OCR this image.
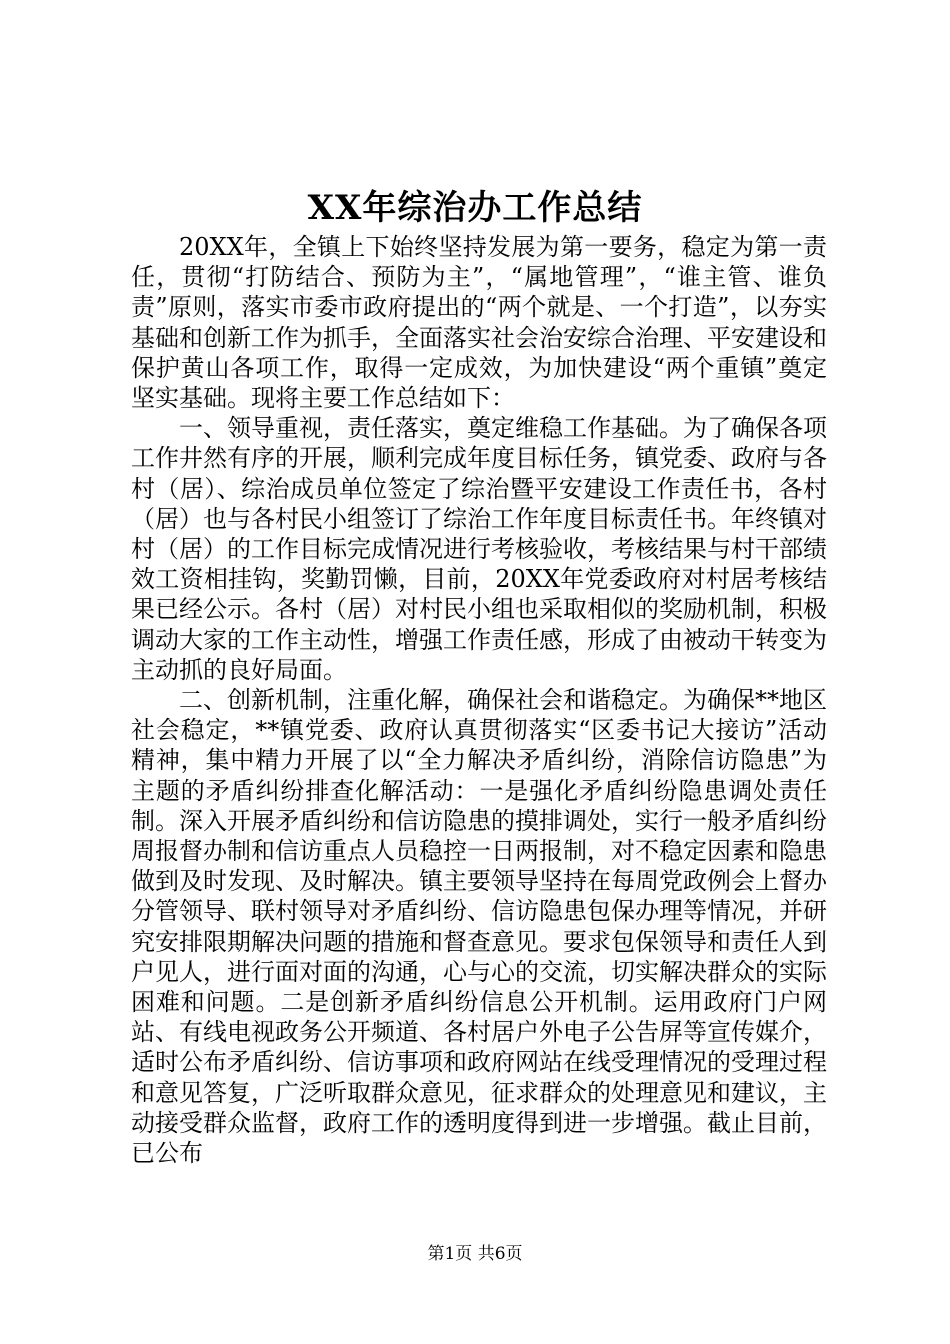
XX年综治办工作总结

20XX年，全镇上下始终坚持发展为第一要务，稳定为第一责任，贯彻“打防结合、预防为主”，“属地管理”，“谁主管、谁负责”原则，落实市委市政府提出的“两个就是、一个打造”，以夯实基础和创新工作为抓手，全面落实社会治安综合治理、平安建设和保护黄山各项工作，取得一定成效，为加快建设“两个重镇”奠定坚实基础。现将主要工作总结如下：

一、领导重视，责任落实，奠定维稳工作基础。为了确保各项工作井然有序的开展，顺利完成年度目标任务，镇党委、政府与各村（居）、综治成员单位签定了综治暨平安建设工作责任书，各村（居）也与各村民小组签订了综治工作年度目标责任书。年终镇对村（居）的工作目标完成情况进行考核验收，考核结果与村干部绩效工资相挂钩，奖勤罚懒，目前，20XX年党委政府对村居考核结果已经公示。各村（居）对村民小组也采取相似的奖励机制，积极调动大家的工作主动性，增强工作责任感，形成了由被动干转变为主动抓的良好局面。

二、创新机制，注重化解，确保社会和谐稳定。为确保**地区社会稳定，**镇党委、政府认真贯彻落实“区委书记大接访”活动精神，集中精力开展了以“全力解决矛盾纠纷，消除信访隐患”为主题的矛盾纠纷排查化解活动：一是强化矛盾纠纷隐患调处责任制。深入开展矛盾纠纷和信访隐患的摸排调处，实行一般矛盾纠纷周报督办制和信访重点人员稳控一日两报制，对不稳定因素和隐患做到及时发现、及时解决。镇主要领导坚持在每周党政例会上督办分管领导、联村领导对矛盾纠纷、信访隐患包保办理等情况，并研究安排限期解决问题的措施和督查意见。要求包保领导和责任人到户见人，进行面对面的沟通，心与心的交流，切实解决群众的实际困难和问题。二是创新矛盾纠纷信息公开机制。运用政府门户网站、有线电视政务公开频道、各村居户外电子公告屏等宣传媒介，适时公布矛盾纠纷、信访事项和政府网站在线受理情况的受理过程和意见答复，广泛听取群众意见，征求群众的处理意见和建议，主动接受群众监督，政府工作的透明度得到进一步增强。截止目前，已公布

第1页 共6页
